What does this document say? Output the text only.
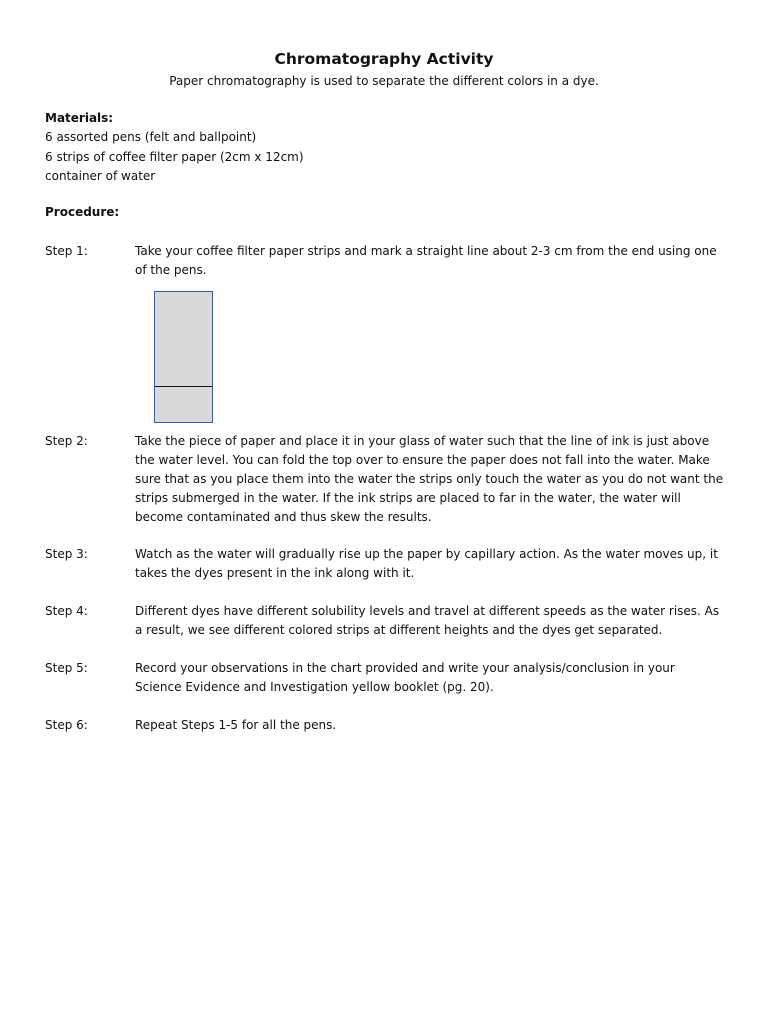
Chromatography Activity
Paper chromatography is used to separate the different colors in a dye.
Materials:
6 assorted pens (felt and ballpoint)
6 strips of coffee filter paper (2cm x 12cm)
container of water
Procedure:
Step 1:	Take your coffee filter paper strips and mark a straight line about 2-3 cm from the end using one of the pens.
Step 2:	Take the piece of paper and place it in your glass of water such that the line of ink is just above the water level. You can fold the top over to ensure the paper does not fall into the water. Make sure that as you place them into the water the strips only touch the water as you do not want the strips submerged in the water. If the ink strips are placed to far in the water, the water will become contaminated and thus skew the results.
Step 3:	Watch as the water will gradually rise up the paper by capillary action. As the water moves up, it takes the dyes present in the ink along with it.
Step 4:	Different dyes have different solubility levels and travel at different speeds as the water rises. As a result, we see different colored strips at different heights and the dyes get separated.
Step 5:	Record your observations in the chart provided and write your analysis/conclusion in your Science Evidence and Investigation yellow booklet (pg. 20).
Step 6:	Repeat Steps 1-5 for all the pens.
